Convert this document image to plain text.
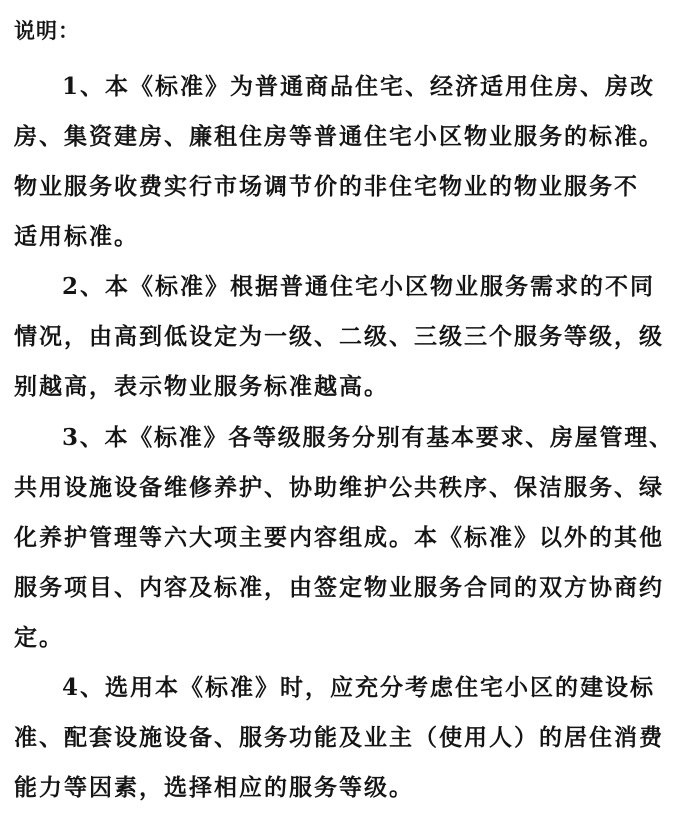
说明：
1、本《标准》为普通商品住宅、经济适用住房、房改
房、集资建房、廉租住房等普通住宅小区物业服务的标准。
物业服务收费实行市场调节价的非住宅物业的物业服务不
适用标准。
2、本《标准》根据普通住宅小区物业服务需求的不同
情况，由高到低设定为一级、二级、三级三个服务等级，级
别越高，表示物业服务标准越高。
3、本《标准》各等级服务分别有基本要求、房屋管理、
共用设施设备维修养护、协助维护公共秩序、保洁服务、绿
化养护管理等六大项主要内容组成。本《标准》以外的其他
服务项目、内容及标准，由签定物业服务合同的双方协商约
定。
4、选用本《标准》时，应充分考虑住宅小区的建设标
准、配套设施设备、服务功能及业主（使用人）的居住消费
能力等因素，选择相应的服务等级。
